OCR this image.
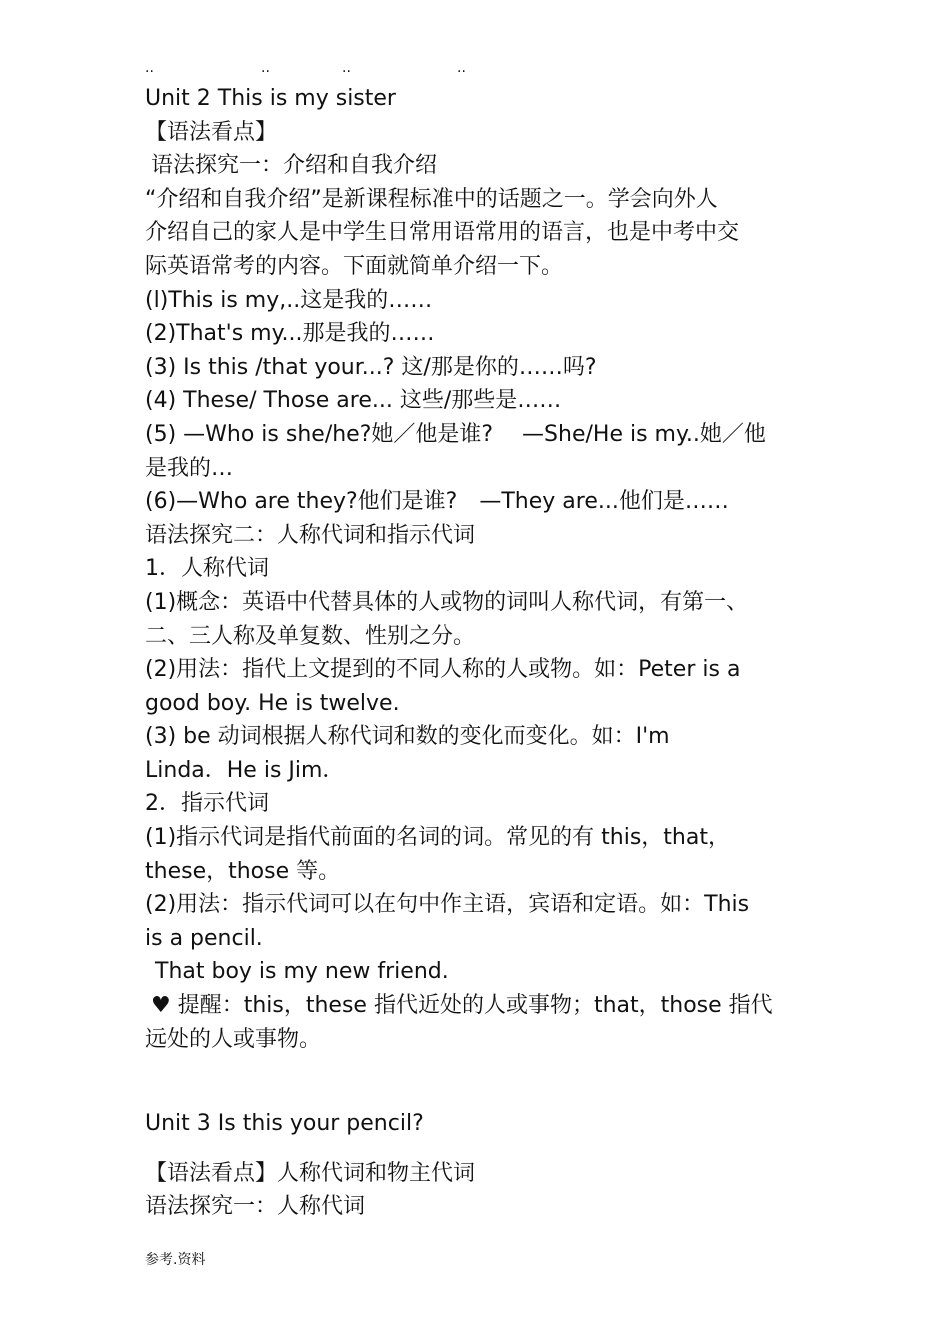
..	..	..	..
Unit 2 This is my sister
【语法看点】
语法探究一：介绍和自我介绍
“介绍和自我介绍”是新课程标准中的话题之一。学会向外人
介绍自己的家人是中学生日常用语常用的语言，也是中考中交
际英语常考的内容。下面就简单介绍一下。
(l)This is my,..这是我的……
(2)That's my...那是我的……
(3) Is this /that your...? 这/那是你的……吗?
(4) These/ Those are... 这些/那些是……
(5) —Who is she/he?她／他是谁?　 —She/He is my..她／他
是我的…
(6)—Who are they?他们是谁?　—They are...他们是……
语法探究二：人称代词和指示代词
1．人称代词
(1)概念：英语中代替具体的人或物的词叫人称代词，有第一、
二、三人称及单复数、性别之分。
(2)用法：指代上文提到的不同人称的人或物。如：Peter is a
good boy. He is twelve.
(3) be 动词根据人称代词和数的变化而变化。如：I'm
Linda．He is Jim．
2．指示代词
(1)指示代词是指代前面的名词的词。常见的有 this，that，
these，those 等。
(2)用法：指示代词可以在句中作主语，宾语和定语。如：This
is a pencil.
That boy is my new friend.
♥ 提醒：this，these 指代近处的人或事物；that，those 指代
远处的人或事物。
Unit 3 Is this your pencil?
【语法看点】人称代词和物主代词
语法探究一：人称代词
参考.资料
